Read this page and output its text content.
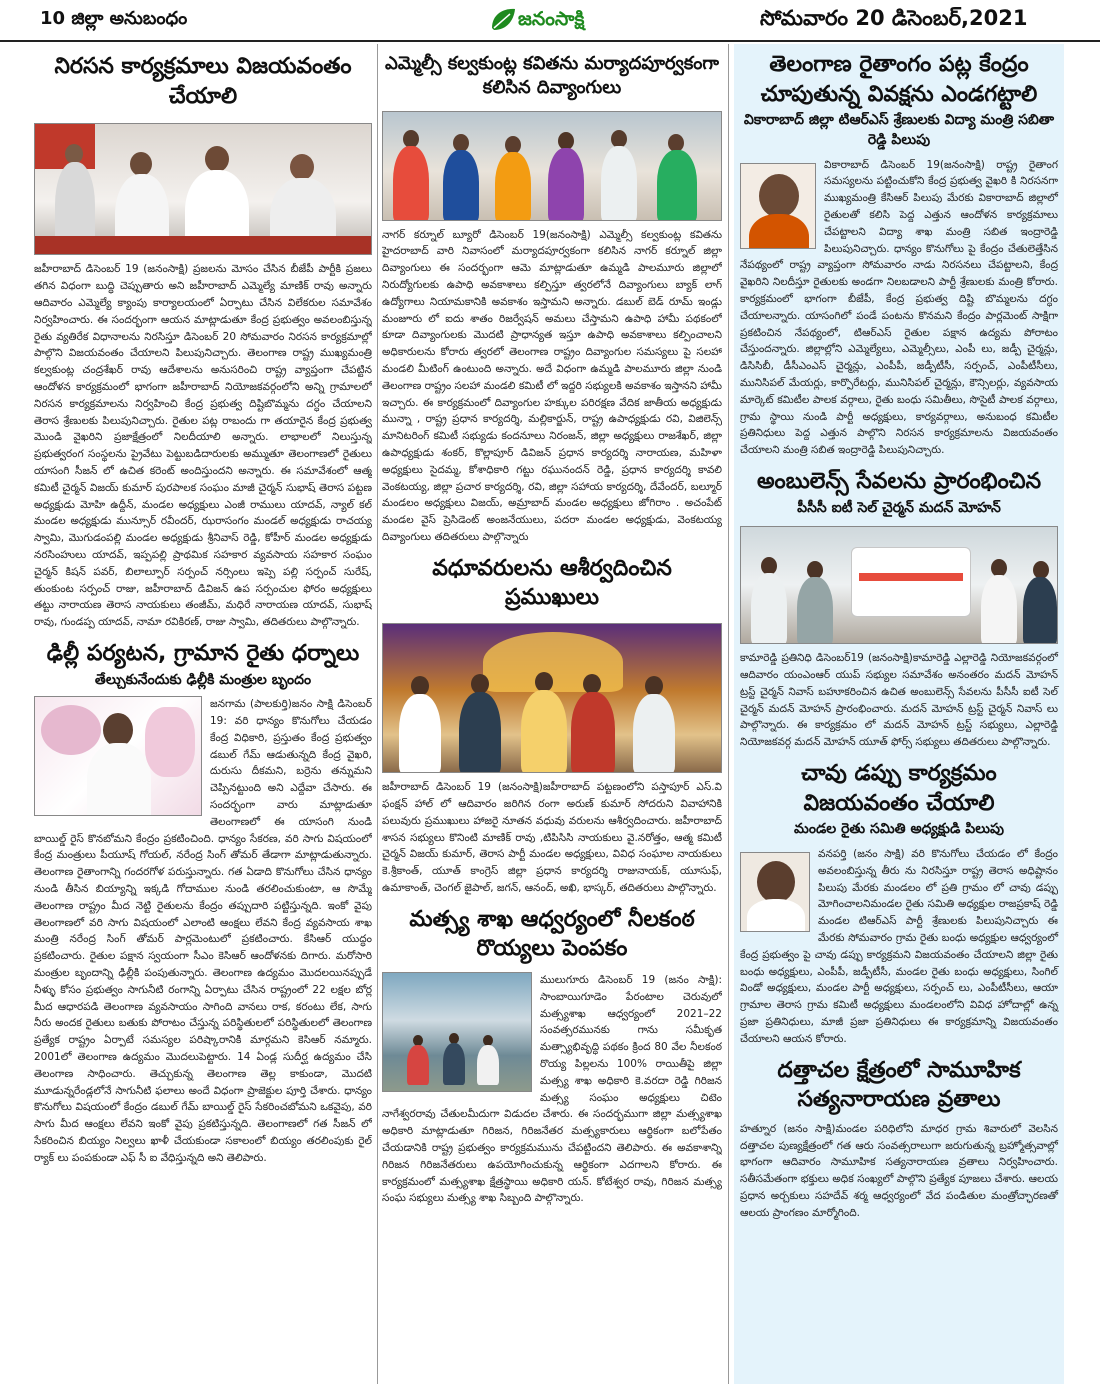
10 జిల్లా అనుబంధం	జనంసాక్షి	సోమవారం 20 డిసెంబర్,2021
నిరసన కార్యక్రమాలు విజయవంతం చేయాలి

జహీరాబాద్ డిసెంబర్ 19 (జనంసాక్షి) ప్రజలను మోసం చేసిన బీజేపీ పార్టీకి ప్రజలు తగిన విధంగా బుద్ధి చెప్పుతారు అని జహీరాబాద్ ఎమ్మెల్యే మాణిక్ రావు అన్నారు ఆదివారం ఎమ్మెల్యే క్యాంపు కార్యాలయంలో ఏర్పాటు చేసిన విలేకరుల సమావేశం నిర్వహించారు. ఈ సందర్భంగా ఆయన మాట్లాడుతూ కేంద్ర ప్రభుత్వం అవలంబిస్తున్న రైతు వ్యతిరేక విధానాలను నిరసిస్తూ డిసెంబర్ 20 సోమవారం నిరసన కార్యక్రమాల్లో పాల్గొని విజయవంతం చేయాలని పిలుపునిచ్చారు. తెలంగాణ రాష్ట్ర ముఖ్యమంత్రి కల్వకుంట్ల చంద్రశేఖర్ రావు ఆదేశాలను అనుసరించి రాష్ట్ర వ్యాప్తంగా చేపట్టిన ఆందోళన కార్యక్రమంలో భాగంగా జహీరాబాద్ నియోజకవర్గంలోని అన్ని గ్రామాలలో నిరసన కార్యక్రమాలను నిర్వహించి కేంద్ర ప్రభుత్వ దిష్టిబొమ్మను దగ్ధం చేయాలని తెరాస శ్రేణులకు పిలుపునిచ్చారు. రైతుల పట్ల రాబందు గా తయారైన కేంద్ర ప్రభుత్వ మొండి వైఖరిని ప్రజాక్షేత్రంలో నిలదీయాలి అన్నారు. లాభాలలో నిలుస్తున్న ప్రభుత్వరంగ సంస్థలను ప్రైవేటు పెట్టుబడిదారులకు అమ్ముతూ తెలంగాణలో రైతులు యాసంగి సీజన్ లో ఉచిత కరెంట్ అందిస్తుందని అన్నారు. ఈ సమావేశంలో ఆత్మ కమిటీ చైర్మన్ విజయ్ కుమార్ పురపాలక సంఘం మాజీ చైర్మన్ సుభాష్ తెరాస పట్టణ అధ్యక్షుడు మోహి ఉద్దీన్, మండల అధ్యక్షులు ఎంజీ రాములు యాదవ్, న్యాల్ కల్ మండల అధ్యక్షుడు మున్సూర్ రవీందర్, ఝరాసంగం మండల్ అధ్యక్షుడు రాచయ్య స్వామి, మొగుడంపల్లి మండల అధ్యక్షుడు శ్రీనివాస్ రెడ్డి, కోహీర్ మండల అధ్యక్షుడు నరసింహులు యాదవ్, ఇప్పపల్లి ప్రాథమిక సహకార వ్యవసాయ సహకార సంఘం చైర్మన్ కిషన్ పవర్, బిలాల్పూర్ సర్పంచ్ నర్సింలు ఇప్పె పల్లి సర్పంచ్ సురేష్, తుంకుంట సర్పంచ్ రాజు, జహీరాబాద్ డివిజన్ ఉప సర్పంచుల ఫోరం అధ్యక్షులు తట్టు నారాయణ తెరాస నాయకులు తంజీమ్, మధిరే నారాయణ యాదవ్, సుభాష్ రావు, గుండప్ప యాదవ్, నామా రవికిరణ్, రాజు స్వామి, తదితరులు పాల్గొన్నారు.

ఢిల్లీ పర్యటన, గ్రామాన రైతు ధర్నాలు
తేల్చుకునేందుకు ఢిల్లీకి మంత్రుల బృందం

జనగామ (పాలకుర్తి)జనం సాక్షి డిసెంబర్ 19: వరి ధాన్యం కొనుగోలు చేయడం కేంద్ర విధికారి, ప్రస్తుతం కేంద్ర ప్రభుత్వం డబుల్ గేమ్ ఆడుతున్నది కేంద్ర వైఖరి, దురుసు దీకమని, బర్రెను తన్నుమని చెప్పినట్టుంది అని ఎద్దేవా చేసారు. ఈ సందర్భంగా వారు మాట్లాడుతూ తెలంగాణలో ఈ యాసంగి నుండి బాయిల్డ్ రైస్ కొనబోమని కేంద్రం ప్రకటించింది. ధాన్యం సేకరణ, వరి సాగు విషయంలో కేంద్ర మంత్రులు పీయూష్ గోయల్, నరేంద్ర సింగ్ తోమర్ తేడాగా మాట్లాడుతున్నారు. తెలంగాణ రైతాంగాన్ని గందరగోళ పరుస్తున్నారు. గత ఏడాది కొనుగోలు చేసిన ధాన్యం నుండి తీసిన బియ్యాన్ని ఇక్కడి గోదాముల నుండి తరలించుకుంటా, ఆ సొమ్మే తెలంగాణ రాష్ట్రం మీద నెట్టి రైతులను కేంద్రం తప్పుదారి పట్టిస్తున్నది. ఇంకో వైపు తెలంగాణలో వరి సాగు విషయంలో ఎలాంటి ఆంక్షలు లేవని కేంద్ర వ్యవసాయ శాఖ మంత్రి నరేంద్ర సింగ్ తోమర్ పార్లమెంటులో ప్రకటించారు. కేసిఆర్ యుద్ధం ప్రకటించారు. రైతుల పక్షాన స్వయంగా సీఎం కెసిఆర్ ఆందోళనకు దిగారు. మరోసారి మంత్రుల బృందాన్ని ఢిల్లీకి పంపుతున్నారు. తెలంగాణ ఉద్యమం మొదలయినప్పుడే నీళ్ళు కోసం ప్రభుత్వం సాగునీటి రంగాన్ని ఏర్పాటు చేసిన రాష్ట్రంలో 22 లక్షల బోర్ల మీద ఆధారపడి తెలంగాణ వ్యవసాయం సాగింది వానలు రాక, కరంటు లేక, సాగు నీరు అందక రైతులు బతుకు పోరాటం చేస్తున్న పరిస్థితులలో పరిస్థితులలో తెలంగాణ ప్రత్యేక రాష్ట్రం ఏర్పాటే సమస్యల పరిష్కారానికి మార్గమని కెసిఆర్ నమ్మారు. 2001లో తెలంగాణ ఉద్యమం మొదలుపెట్టారు. 14 ఏండ్ల సుదీర్ఘ ఉద్యమం చేసి తెలంగాణ సాధించారు. తెచ్చుకున్న తెలంగాణ తెల్ల కాకుండా, మొదటి మూడున్నరేండ్లలోనే సాగునీటి ఫలాలు అందే విధంగా ప్రాజెక్టుల పూర్తి చేశారు. ధాన్యం కొనుగోలు విషయంలో కేంద్రం డబుల్ గేమ్ బాయిల్డ్ రైస్ సేకరించబోమని ఒకవైపు, వరి సాగు మీద ఆంక్షలు లేవని ఇంకో వైపు ప్రకటిస్తున్నది. తెలంగాణలో గత సీజన్ లో సేకరించిన బియ్యం నిల్వలు ఖాళీ చేయకుండా సకాలంలో బియ్యం తరలింపుకు రైల్ ర్యాక్ లు పంపకుండా ఎఫ్ సీ ఐ వేధిస్తున్నది అని తెలిపారు.

ఎమ్మెల్సీ కల్వకుంట్ల కవితను మర్యాదపూర్వకంగా కలిసిన దివ్యాంగులు

నాగర్ కర్నూల్ బ్యూరో డిసెంబర్ 19(జనంసాక్షి) ఎమ్మెల్సీ కల్వకుంట్ల కవితను హైదరాబాద్ వారి నివాసంలో మర్యాదపూర్వకంగా కలిసిన నాగర్ కర్నూల్ జిల్లా దివ్యాంగులు ఈ సందర్భంగా ఆమె మాట్లాడుతూ ఉమ్మడి పాలమూరు జిల్లాలో నిరుద్యోగులకు ఉపాధి అవకాశాలు కల్పిస్తూ త్వరలోనే దివ్యాంగులు బ్యాక్ లాగ్ ఉద్యోగాలు నియామకానికి అవకాశం ఇస్తామని అన్నారు. డబుల్ బెడ్ రూమ్ ఇండ్లు మంజూరు లో ఐదు శాతం రిజర్వేషన్ అమలు చేస్తామని ఉపాధి హామీ పథకంలో కూడా దివ్యాంగులకు మొదటి ప్రాధాన్యత ఇస్తూ ఉపాధి అవకాశాలు కల్పించాలని అధికారులను కోరారు త్వరలో తెలంగాణ రాష్ట్రం దివ్యాంగుల సమస్యలు పై సలహా మండలి మీటింగ్ ఉంటుంది అన్నారు. అదే విధంగా ఉమ్మడి పాలమూరు జిల్లా నుండి తెలంగాణ రాష్ట్రం సలహా మండలి కమిటీ లో ఇద్దరి సభ్యులకి అవకాశం ఇస్తానని హామీ ఇచ్చారు. ఈ కార్యక్రమంలో దివ్యాంగుల హక్కుల పరిరక్షణ వేదిక జాతీయ అధ్యక్షుడు మున్నా , రాష్ట్ర ప్రధాన కార్యదర్శి, మల్లికార్జున్, రాష్ట్ర ఉపాధ్యక్షుడు రవి, విజిలెన్స్ మానిటరింగ్ కమిటీ సభ్యుడు కందనూలు నిరంజన్, జిల్లా అధ్యక్షులు రాజశేఖర్, జిల్లా ఉపాధ్యక్షుడు శంకర్, కొల్లాపూర్ డివిజన్ ప్రధాన కార్యదర్శి నారాయణ, మహిళా అధ్యక్షులు సైదమ్మ, కోశాధికారి గట్టు రఘునందన్ రెడ్డి, ప్రధాన కార్యదర్శి కావలి వెంకటయ్య, జిల్లా ప్రచార కార్యదర్శి, రవి, జిల్లా సహాయ కార్యదర్శి, దేవేందర్, బల్మూర్ మండలం అధ్యక్షులు విజయ్, అమ్రాబాద్ మండల అధ్యక్షులు జోగిరాం . అచంపేట్ మండల వైస్ ప్రెసిడెంట్ అంజనేయులు, పదరా మండల అధ్యక్షుడు, వెంకటయ్య దివ్యాంగులు తదితరులు పాల్గొన్నారు

వధూవరులను ఆశీర్వదించిన ప్రముఖులు

జహీరాబాద్ డిసెంబర్ 19 (జనంసాక్షి)జహీరాబాద్ పట్టణంలోని పస్తాపూర్ ఎస్.వి ఫంక్షన్ హాల్ లో ఆదివారం జరిగిన రంగా అరుణ్ కుమార్ సోదరుని వివాహానికి పలువురు ప్రముఖులు హాజరై నూతన వధువు వరులను ఆశీర్వదించారు. జహీరాబాద్ శాసన సభ్యులు కొనింటి మాణిక్ రావు ,టిపిసిసి నాయకులు వై.నరోత్తం, ఆత్మ కమిటీ చైర్మన్ విజయ్ కుమార్, తెరాస పార్టీ మండల అధ్యక్షులు, వివిధ సంఘాల నాయకులు కె.శ్రీకాంత్, యూత్ కాంగ్రెస్ జిల్లా ప్రధాన కార్యదర్శి రాజునాయక్, యూసుఫ్, ఉమాకాంత్, చెంగల్ జైపాల్, జగన్, ఆనంద్, అఖి, భాస్కర్, తదితరులు పాల్గొన్నారు.

మత్స్య శాఖ ఆధ్వర్యంలో నీలకంఠ రొయ్యలు పెంపకం

ములుగూరు డిసెంబర్ 19 (జనం సాక్షి): సాంబాయిగూడెం పేరంటాల చెరువులో మత్స్యశాఖ ఆధ్వర్యంలో 2021–22 సంవత్సరమునకు గాను సమీకృత మత్స్యాభివృద్ధి పథకం క్రింద 80 వేల నీలకంఠ రొయ్య పిల్లలను 100% రాయితీపై జిల్లా మత్స్య శాఖ అధికారి కె.వరదా రెడ్డి గిరిజన మత్స్య సంఘం అధ్యక్షులు చిటెం నాగేశ్వరరావు చేతులమీదుగా విడుదల చేశారు. ఈ సందర్భముగా జిల్లా మత్స్యశాఖ అధికారి మాట్లాడుతూ గిరిజన, గిరిజనేతర మత్స్యకారులు ఆర్థికంగా బలోపేతం చేయడానికి రాష్ట్ర ప్రభుత్వం కార్యక్రమమును చేపట్టిందని తెలిపారు. ఈ అవకాశాన్ని గిరిజన గిరిజనేతరులు ఉపయోగించుకున్న ఆర్థికంగా ఎదగాలని కోరారు. ఈ కార్యక్రమంలో మత్స్యశాఖ క్షేత్రస్థాయి అధికారి యన్. కోటేశ్వర రావు, గిరిజన మత్స్య సంఘ సభ్యులు మత్స్య శాఖ సిబ్బంది పాల్గొన్నారు.

తెలంగాణ రైతాంగం పట్ల కేంద్రం చూపుతున్న వివక్షను ఎండగట్టాలి
వికారాబాద్ జిల్లా టిఆర్ఎస్ శ్రేణులకు విద్యా మంత్రి సబితా రెడ్డి పిలుపు

వికారాబాద్ డిసెంబర్ 19(జనంసాక్షి) రాష్ట్ర రైతాంగ సమస్యలను పట్టించుకోని కేంద్ర ప్రభుత్వ వైఖరి కి నిరసనగా ముఖ్యమంత్రి కేసిఆర్ పిలుపు మేరకు వికారాబాద్ జిల్లాలో రైతులతో కలిసి పెద్ద ఎత్తున ఆందోళన కార్యక్రమాలు చేపట్టాలని విద్యా శాఖ మంత్రి సబిత ఇంద్రారెడ్డి పిలుపునిచ్చారు. ధాన్యం కొనుగోలు పై కేంద్రం చేతులెత్తేసిన నేపథ్యంలో రాష్ట్ర వ్యాప్తంగా సోమవారం నాడు నిరసనలు చేపట్టాలని, కేంద్ర వైఖరిని నిలదీస్తూ రైతులకు అండగా నిలబడాలని పార్టీ శ్రేణులకు మంత్రి కోరారు. కార్యక్రమంలో భాగంగా బీజేపీ, కేంద్ర ప్రభుత్వ దిష్టి బొమ్మలను దగ్ధం చేయాలన్నారు. యాసంగిలో పండే పంటను కొనమని కేంద్రం పార్లమెంట్ సాక్షిగా ప్రకటించిన నేపథ్యంలో, టిఆర్ఎస్ రైతుల పక్షాన ఉద్యమ పోరాటం చేస్తుందన్నారు. జిల్లాల్లోని ఎమ్మెల్యేలు, ఎమ్మెల్సీలు, ఎంపీ లు, జడ్పీ చైర్మన్లు, డిసిసిబీ, డీసీఎంఎస్ చైర్మన్లు, ఎంపీపీ, జడ్పీటీసీ, సర్పంచ్, ఎంపీటీసీలు, మునిసిపల్ మేయర్లు, కార్పొరేటర్లు, మునిసిపల్ చైర్మన్లు, కౌన్సిలర్లు, వ్యవసాయ మార్కెట్ కమిటీల పాలక వర్గాలు, రైతు బంధు సమితీలు, సొసైటీ పాలక వర్గాలు, గ్రామ స్థాయి నుండి పార్టీ అధ్యక్షులు, కార్యవర్గాలు, అనుబంధ కమిటీల ప్రతినిధులు పెద్ద ఎత్తున పాల్గొని నిరసన కార్యక్రమాలను విజయవంతం చేయాలని మంత్రి సబిత ఇంద్రారెడ్డి పిలుపునిచ్చారు.

అంబులెన్స్ సేవలను ప్రారంభించిన
పీసీసీ ఐటీ సెల్ చైర్మన్ మదన్ మోహన్

కామారెడ్డి ప్రతినిధి డిసెంబర్19 (జనంసాక్షి)కామారెడ్డి ఎల్లారెడ్డి నియోజకవర్గంలో ఆదివారం యంఎంఆర్ యుప్ సభ్యుల సమావేశం అనంతరం మదన్ మోహన్ ట్రస్ట్ చైర్మన్ నివాస్ బహూకరించిన ఉచిత అంబులెన్స్ సేవలను పీసీసీ ఐటీ సెల్ చైర్మన్ మదన్ మోహన్ ప్రారంభించారు. మదన్ మోహన్ ట్రస్ట్ చైర్మన్ నివాస్ లు పాల్గొన్నారు. ఈ కార్యక్రమం లో మదన్ మోహన్ ట్రస్ట్ సభ్యులు, ఎల్లారెడ్డి నియోజకవర్గ మదన్ మోహన్ యూత్ ఫోర్స్ సభ్యులు తదితరులు పాల్గొన్నారు.

చావు డప్పు కార్యక్రమం విజయవంతం చేయాలి
మండల రైతు సమితి అధ్యక్షుడి పిలుపు

వనపర్తి (జనం సాక్షి) వరి కొనుగోలు చేయడం లో కేంద్రం అవలంబిస్తున్న తీరు ను నిరసిస్తూ రాష్ట్ర తెరాస అధిష్టానం పిలుపు మేరకు మండలం లో ప్రతి గ్రామం లో చావు డప్పు మోగించాలనిమండల రైతు సమితి అధ్యక్షుల రాజప్రకాష్ రెడ్డి మండల టిఆర్ఎస్ పార్టీ శ్రేణులకు పిలుపునిచ్చారు ఈ మేరకు సోమవారం గ్రామ రైతు బంధు అధ్యక్షుల ఆధ్వర్యంలో కేంద్ర ప్రభుత్వం పై చావు డప్పు కార్యక్రమని విజయవంతం చేయాలని జిల్లా రైతు బంధు అధ్యక్షులు, ఎంపీపీ, జడ్పీటీసీ, మండల రైతు బంధు అధ్యక్షులు, సింగిల్ విండో అధ్యక్షులు, మండల పార్టీ అధ్యక్షులు, సర్పంచ్ లు, ఎంపీటీసీలు, ఆయా గ్రామాల తెరాస గ్రామ కమిటీ అధ్యక్షులు మండలంలోని వివిధ హోదాల్లో ఉన్న ప్రజా ప్రతినిధులు, మాజీ ప్రజా ప్రతినిధులు ఈ కార్యక్రమాన్ని విజయవంతం చేయాలని ఆయన కోరారు.

దత్తాచల క్షేత్రంలో సామూహిక సత్యనారాయణ వ్రతాలు

హత్నూర (జనం సాక్షి)మండల పరిధిలోని మాధర గ్రామ శివారులో వెలసిన దత్తాచల పుణ్యక్షేత్రంలో గత ఆరు సంవత్సరాలుగా జరుగుతున్న బ్రహ్మోత్సవాల్లో భాగంగా ఆదివారం సామూహిక సత్యనారాయణ వ్రతాలు నిర్వహించారు. సతీసమేతంగా భక్తులు అధిక సంఖ్యలో పాల్గొని ప్రత్యేక పూజలు చేశారు. ఆలయ ప్రధాన అర్చకులు సహదేవ్ శర్మ ఆధ్వర్యంలో వేద పండితుల మంత్రోచ్ఛారణతో ఆలయ ప్రాంగణం మార్మోగింది.
